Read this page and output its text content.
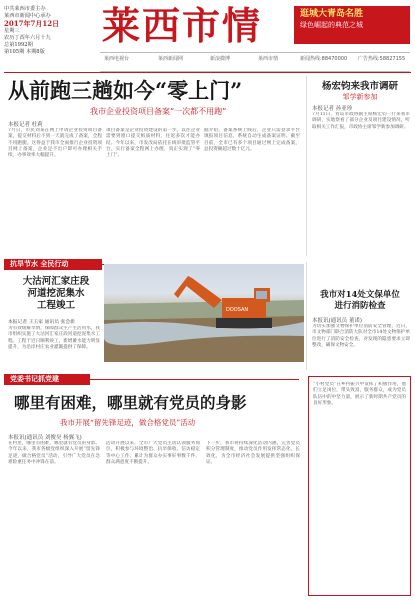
中共莱西市委主办
莱西市新闻中心承办
2017年7月12日
星期三
农历丁酉年六月十九
总第1992期
第105期 本期8版
莱西市情	逛城大青岛名胜
绿色崛起的典范之城
莱西电视台	莱西新闻网	新浪微博	莱西市情	新闻热线:88470000 广告热线:58827155
从前跑三趟如今“零上门”
我市企业投资项目备案“一次都不用跑”
本报记者 杜莉
7月日，市民刘某在网上申请企业投资项目备案，提交材料后不到一天就完成了备案，全程不用跑腿。这得益于我市全面推行企业投资项目网上备案，企业足不出户即可办理相关手续，办事效率大幅提升。
项目备案是企业投资建设的第一步。以往企业需要到窗口提交纸质材料，往返多次才能办结。今年以来，市发改局依托在线审批监管平台，实行备案全程网上办理，真正实现了“零上门”。
据介绍，备案系统上线后，企业只需登录平台填报项目信息，系统自动生成备案证明。截至目前，全市已有多个项目通过网上完成备案，总投资额超过数十亿元。
杨宏钧来我市调研
邹学新参加
本报记者 孙亚珍
7月11日，青岛市政协副主席杨宏钧一行来我市调研，实地察看了部分企业及项目建设情况，听取相关工作汇报，市政协主席邹学新参加调研。
抗旱节水 全民行动
大沽河汇家庄段
河道挖泥集水
工程竣工
本报记者 王玉家 通讯员 张会新
为有效缓解旱情，保障群众生产生活用水，我市组织实施了大沽河汇家庄段河道挖泥集水工程。工程于近日顺利竣工，新增蓄水能力明显提升，为沿岸村庄农业灌溉提供了保障。
DOOSAN
我市对14处文保单位
进行消防检查
本报讯(通讯员 董诺)
为切实加强文物保护单位消防安全管理，近日，市文物部门联合消防大队对全市14处文物保护单位进行了消防安全检查，对发现的隐患要求立即整改，确保文物安全。
党委书记抓党建
哪里有困难，哪里就有党员的身影
我市开展“留先锋足迹，做合格党员”活动
本报讯(通讯员 刘俊昊 杨翼飞)
在村里，哪里有困难，哪里就有党员的身影。今年以来，我市各级党组织深入开展“留先锋足迹，做合格党员”活动，引导广大党员在急难险重任务中冲锋在前。
活动开展以来，全市广大党员主动认领服务岗位，积极参与环境整治、抗旱保收、信访稳定等中心工作，累计为群众办实事好事数千件，群众满意度不断提升。
下一步，我市将持续深化活动内涵，完善党员积分管理制度，推动党员作用发挥常态化、长效化，为全市经济社会发展提供坚强组织保证。
“小村党员”在乡村振兴中发挥了积极作用，他们立足岗位，带头致富，服务群众，成为党员队伍中的中坚力量，展示了新时期共产党员的良好形象。
